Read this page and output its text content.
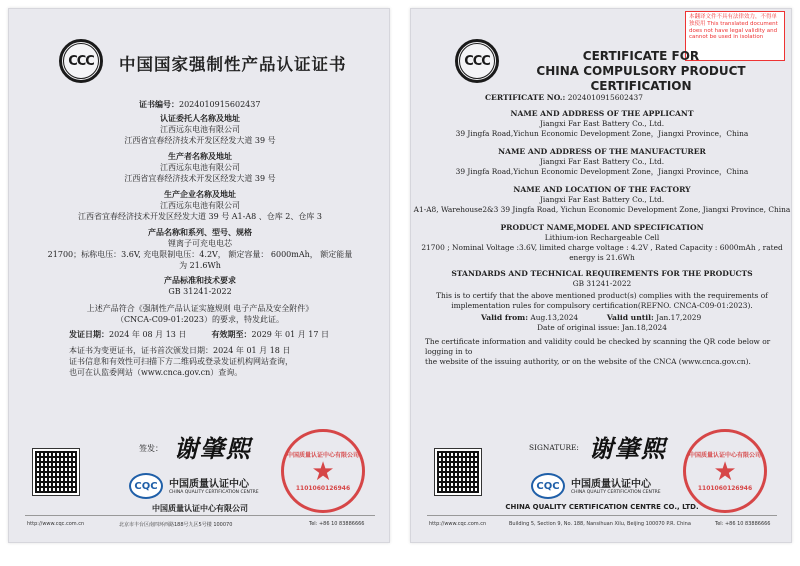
CCC 中国国家强制性产品认证证书
证书编号：2024010915602437
认证委托人名称及地址
江西远东电池有限公司
江西省宜春经济技术开发区经发大道 39 号
生产者名称及地址
江西远东电池有限公司
江西省宜春经济技术开发区经发大道 39 号
生产企业名称及地址
江西远东电池有限公司
江西省宜春经济技术开发区经发大道 39 号 A1-A8 、仓库 2、仓库 3
产品名称和系列、型号、规格
锂离子可充电电芯
21700；标称电压：3.6V, 充电限制电压：4.2V， 额定容量： 6000mAh， 额定能量
为 21.6Wh
产品标准和技术要求
GB 31241-2022
上述产品符合《强制性产品认证实施规则 电子产品及安全附件》
（CNCA-C09-01:2023）的要求，特发此证。
发证日期：2024 年 08 月 13 日	有效期至：2029 年 01 月 17 日
本证书为变更证书，证书首次颁发日期：2024 年 01 月 18 日
证书信息和有效性可扫描下方二维码或登录发证机构网站查询，
也可在认监委网站（www.cnca.gov.cn）查询。
签发： 谢肇熙	中国质量认证中心有限公司
★
1101060126946
CQC 中国质量认证中心
CHINA QUALITY CERTIFICATION CENTRE
中国质量认证中心有限公司
http://www.cqc.com.cn	北京市丰台区南四环西路188号九区5号楼 100070	Tel: +86 10 83886666
本翻译文件不具有法律效力，不得单独使用 This translated document does not have legal validity and cannot be used in isolation
CCC	CERTIFICATE FOR
CHINA COMPULSORY PRODUCT CERTIFICATION
CERTIFICATE NO.: 2024010915602437
NAME AND ADDRESS OF THE APPLICANT
Jiangxi Far East Battery Co., Ltd.
39 Jingfa Road,Yichun Economic Development Zone，Jiangxi Province，China
NAME AND ADDRESS OF THE MANUFACTURER
Jiangxi Far East Battery Co., Ltd.
39 Jingfa Road,Yichun Economic Development Zone，Jiangxi Province，China
NAME AND LOCATION OF THE FACTORY
Jiangxi Far East Battery Co., Ltd.
A1-A8, Warehouse2&3 39 Jingfa Road, Yichun Economic Development Zone, Jiangxi Province, China
PRODUCT NAME,MODEL AND SPECIFICATION
Lithium-ion Rechargeable Cell
21700 ; Nominal Voltage :3.6V, limited charge voltage : 4.2V , Rated Capacity : 6000mAh , rated
energy is 21.6Wh
STANDARDS AND TECHNICAL REQUIREMENTS FOR THE PRODUCTS
GB 31241-2022
This is to certify that the above mentioned product(s) complies with the requirements of
implementation rules for compulsory certification(REFNO. CNCA-C09-01:2023).
Valid from: Aug.13,2024	Valid until: Jan.17,2029
Date of original issue: Jan.18,2024
The certificate information and validity could be checked by scanning the QR code below or logging in to
the website of the issuing authority, or on the website of the CNCA (www.cnca.gov.cn).
SIGNATURE: 谢肇熙	中国质量认证中心有限公司
★
1101060126946
CQC 中国质量认证中心
CHINA QUALITY CERTIFICATION CENTRE
CHINA QUALITY CERTIFICATION CENTRE CO., LTD.
http://www.cqc.com.cn	Building 5, Section 9, No. 188, Nansihuan Xilu, Beijing 100070 P.R. China	Tel: +86 10 83886666
